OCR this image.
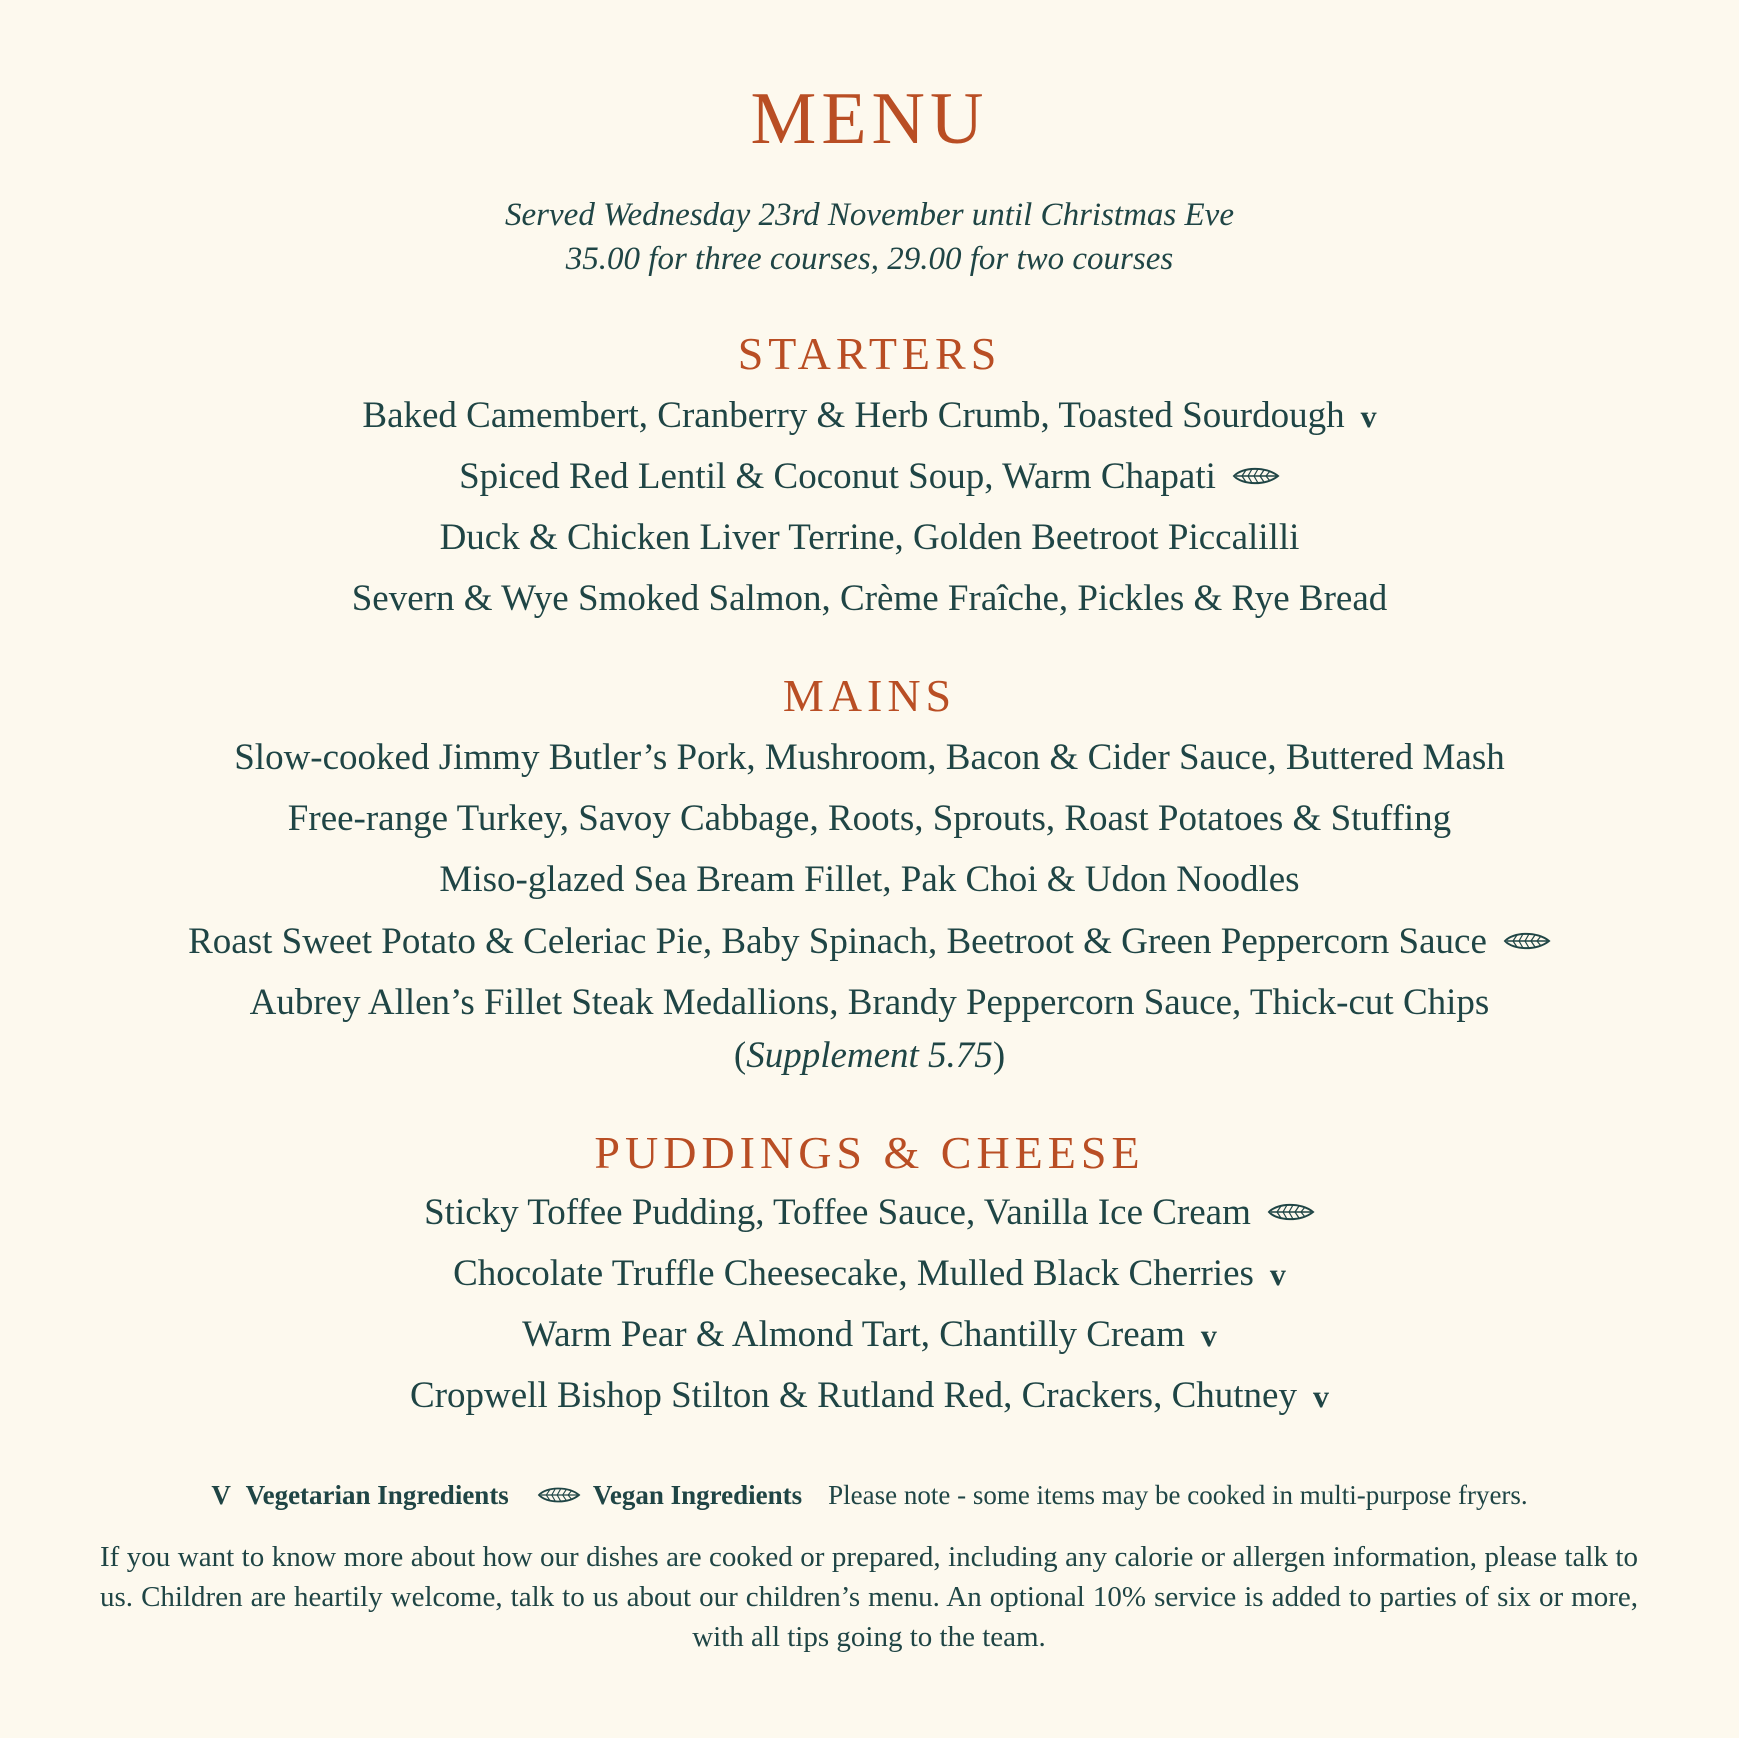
MENU
Served Wednesday 23rd November until Christmas Eve
35.00 for three courses, 29.00 for two courses
STARTERS
Baked Camembert, Cranberry & Herb Crumb, Toasted Sourdough v
Spiced Red Lentil & Coconut Soup, Warm Chapati
Duck & Chicken Liver Terrine, Golden Beetroot Piccalilli
Severn & Wye Smoked Salmon, Crème Fraîche, Pickles & Rye Bread
MAINS
Slow-cooked Jimmy Butler’s Pork, Mushroom, Bacon & Cider Sauce, Buttered Mash
Free-range Turkey, Savoy Cabbage, Roots, Sprouts, Roast Potatoes & Stuffing
Miso-glazed Sea Bream Fillet, Pak Choi & Udon Noodles
Roast Sweet Potato & Celeriac Pie, Baby Spinach, Beetroot & Green Peppercorn Sauce
Aubrey Allen’s Fillet Steak Medallions, Brandy Peppercorn Sauce, Thick-cut Chips
(Supplement 5.75)
PUDDINGS & CHEESE
Sticky Toffee Pudding, Toffee Sauce, Vanilla Ice Cream
Chocolate Truffle Cheesecake, Mulled Black Cherries v
Warm Pear & Almond Tart, Chantilly Cream v
Cropwell Bishop Stilton & Rutland Red, Crackers, Chutney v
V Vegetarian Ingredients	Vegan Ingredients Please note - some items may be cooked in multi-purpose fryers.
If you want to know more about how our dishes are cooked or prepared, including any calorie or allergen information, please talk to us. Children are heartily welcome, talk to us about our children’s menu. An optional 10% service is added to parties of six or more, with all tips going to the team.
